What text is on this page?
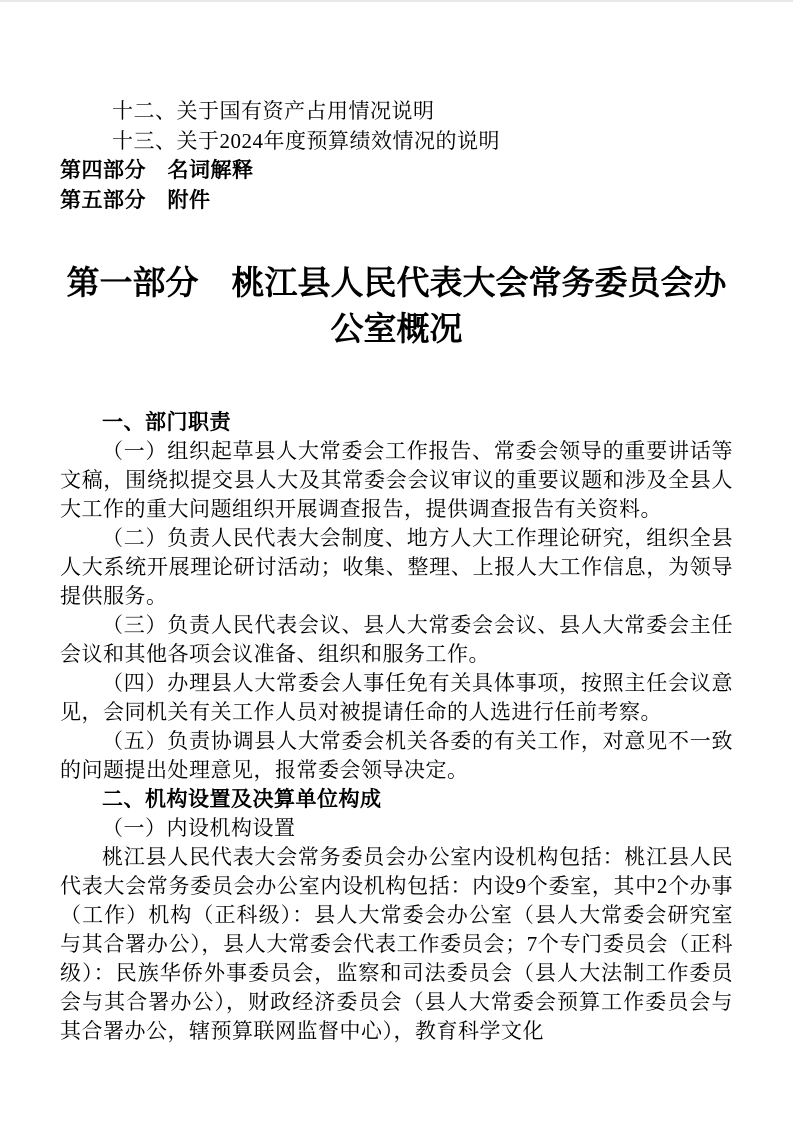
十二、关于国有资产占用情况说明

十三、关于2024年度预算绩效情况的说明

第四部分　名词解释

第五部分　附件

第一部分　桃江县人民代表大会常务委员会办公室概况

一、部门职责

（一）组织起草县人大常委会工作报告、常委会领导的重要讲话等文稿，围绕拟提交县人大及其常委会会议审议的重要议题和涉及全县人大工作的重大问题组织开展调查报告，提供调查报告有关资料。

（二）负责人民代表大会制度、地方人大工作理论研究，组织全县人大系统开展理论研讨活动；收集、整理、上报人大工作信息，为领导提供服务。

（三）负责人民代表会议、县人大常委会会议、县人大常委会主任会议和其他各项会议准备、组织和服务工作。

（四）办理县人大常委会人事任免有关具体事项，按照主任会议意见，会同机关有关工作人员对被提请任命的人选进行任前考察。

（五）负责协调县人大常委会机关各委的有关工作，对意见不一致的问题提出处理意见，报常委会领导决定。

二、机构设置及决算单位构成

（一）内设机构设置

桃江县人民代表大会常务委员会办公室内设机构包括：桃江县人民代表大会常务委员会办公室内设机构包括：内设9个委室，其中2个办事（工作）机构（正科级）：县人大常委会办公室（县人大常委会研究室与其合署办公），县人大常委会代表工作委员会；7个专门委员会（正科级）：民族华侨外事委员会，监察和司法委员会（县人大法制工作委员会与其合署办公），财政经济委员会（县人大常委会预算工作委员会与其合署办公，辖预算联网监督中心），教育科学文化
